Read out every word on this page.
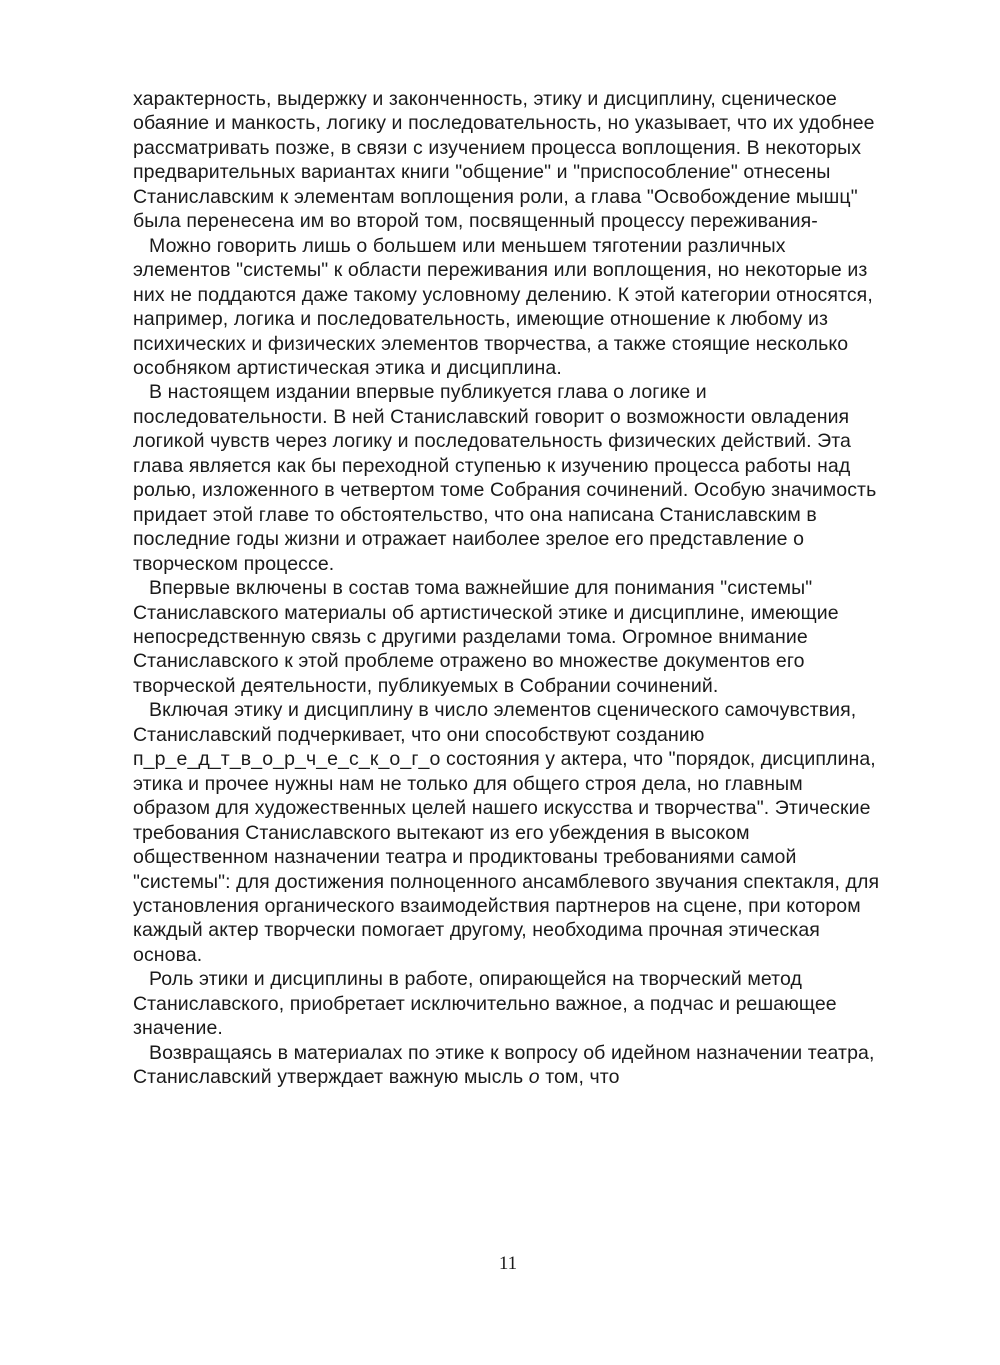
характерность, выдержку и законченность, этику и дисциплину, сценическое обаяние и манкость, логику и последовательность, но указывает, что их удобнее рассматривать позже, в связи с изучением процесса воплощения. В некоторых предварительных вариантах книги "общение" и "приспособление" отнесены Станиславским к элементам воплощения роли, а глава "Освобождение мышц" была перенесена им во второй том, посвященный процессу переживания-

Можно говорить лишь о большем или меньшем тяготении различных элементов "системы" к области переживания или воплощения, но некоторые из них не поддаются даже такому условному делению. К этой категории относятся, например, логика и последовательность, имеющие отношение к любому из психических и физических элементов творчества, а также стоящие несколько особняком артистическая этика и дисциплина.

В настоящем издании впервые публикуется глава о логике и последовательности. В ней Станиславский говорит о возможности овладения логикой чувств через логику и последовательность физических действий. Эта глава является как бы переходной ступенью к изучению процесса работы над ролью, изложенного в четвертом томе Собрания сочинений. Особую значимость придает этой главе то обстоятельство, что она написана Станиславским в последние годы жизни и отражает наиболее зрелое его представление о творческом процессе.

Впервые включены в состав тома важнейшие для понимания "системы" Станиславского материалы об артистической этике и дисциплине, имеющие непосредственную связь с другими разделами тома. Огромное внимание Станиславского к этой проблеме отражено во множестве документов его творческой деятельности, публикуемых в Собрании сочинений.

Включая этику и дисциплину в число элементов сценического самочувствия, Станиславский подчеркивает, что они способствуют созданию п_р_е_д_т_в_о_р_ч_е_с_к_о_г_о состояния у актера, что "порядок, дисциплина, этика и прочее нужны нам не только для общего строя дела, но главным образом для художественных целей нашего искусства и творчества". Этические требования Станиславского вытекают из его убеждения в высоком общественном назначении театра и продиктованы требованиями самой "системы": для достижения полноценного ансамблевого звучания спектакля, для установления органического взаимодействия партнеров на сцене, при котором каждый актер творчески помогает другому, необходима прочная этическая основа.

Роль этики и дисциплины в работе, опирающейся на творческий метод Станиславского, приобретает исключительно важное, а подчас и решающее значение.

Возвращаясь в материалах по этике к вопросу об идейном назначении театра, Станиславский утверждает важную мысль о том, что

11
